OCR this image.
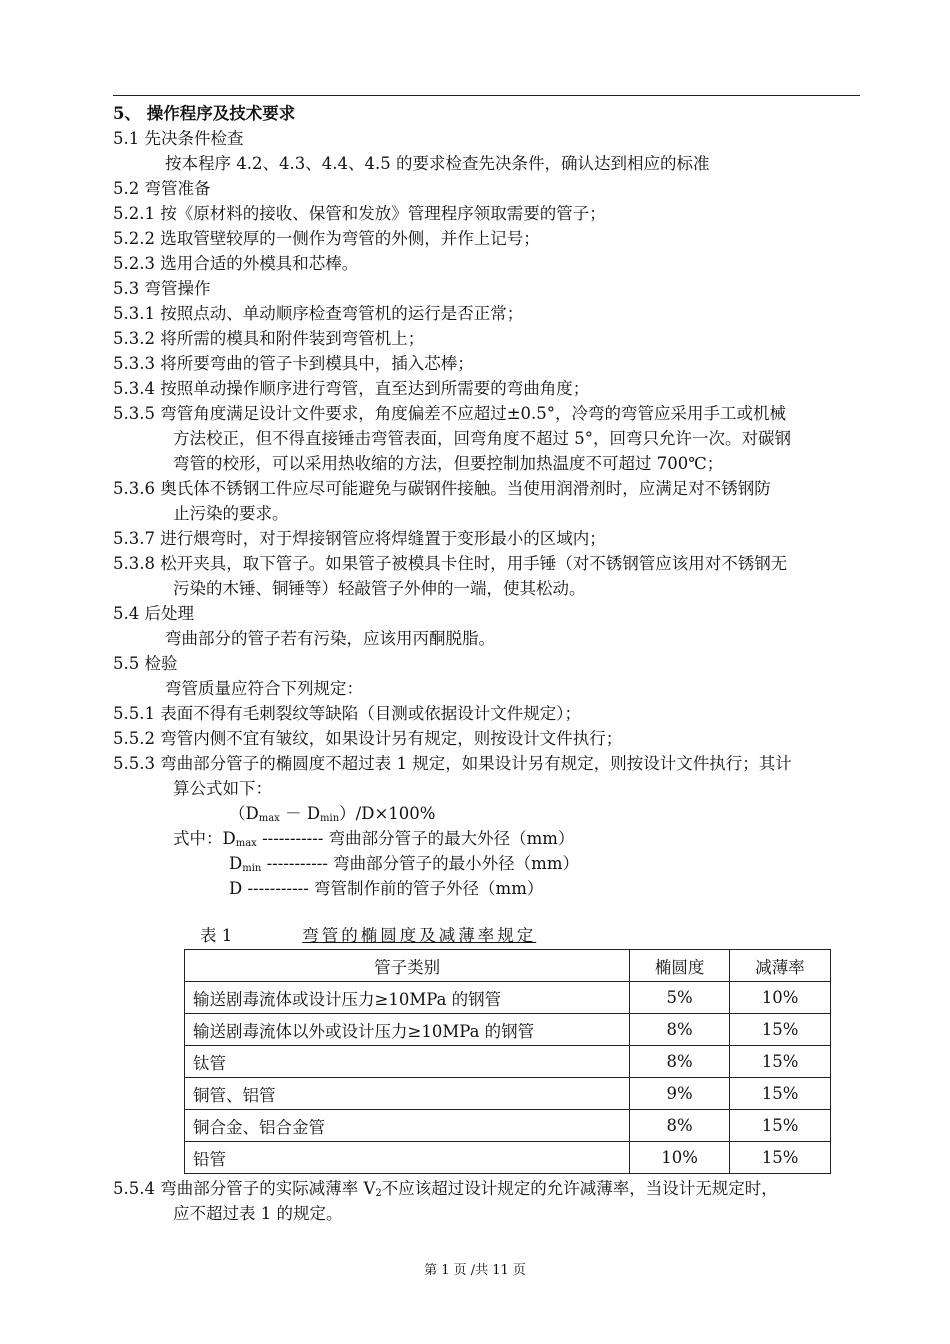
5、 操作程序及技术要求
5.1 先决条件检查
按本程序 4.2、4.3、4.4、4.5 的要求检查先决条件，确认达到相应的标准
5.2 弯管准备
5.2.1 按《原材料的接收、保管和发放》管理程序领取需要的管子；
5.2.2 选取管壁较厚的一侧作为弯管的外侧，并作上记号；
5.2.3 选用合适的外模具和芯棒。
5.3 弯管操作
5.3.1 按照点动、单动顺序检查弯管机的运行是否正常；
5.3.2 将所需的模具和附件装到弯管机上；
5.3.3 将所要弯曲的管子卡到模具中，插入芯棒；
5.3.4 按照单动操作顺序进行弯管，直至达到所需要的弯曲角度；
5.3.5 弯管角度满足设计文件要求，角度偏差不应超过±0.5°，冷弯的弯管应采用手工或机械
方法校正，但不得直接锤击弯管表面，回弯角度不超过 5°，回弯只允许一次。对碳钢
弯管的校形，可以采用热收缩的方法，但要控制加热温度不可超过 700℃；
5.3.6 奥氏体不锈钢工件应尽可能避免与碳钢件接触。当使用润滑剂时，应满足对不锈钢防
止污染的要求。
5.3.7 进行煨弯时，对于焊接钢管应将焊缝置于变形最小的区域内；
5.3.8 松开夹具，取下管子。如果管子被模具卡住时，用手锤（对不锈钢管应该用对不锈钢无
污染的木锤、铜锤等）轻敲管子外伸的一端，使其松动。
5.4 后处理
弯曲部分的管子若有污染，应该用丙酮脱脂。
5.5 检验
弯管质量应符合下列规定：
5.5.1 表面不得有毛刺裂纹等缺陷（目测或依据设计文件规定）；
5.5.2 弯管内侧不宜有皱纹，如果设计另有规定，则按设计文件执行；
5.5.3 弯曲部分管子的椭圆度不超过表 1 规定，如果设计另有规定，则按设计文件执行；其计
算公式如下：
$(D_{max} - D_{min})/D\times 100\%$
式中：$D_{max}$ ----------- 弯曲部分管子的最大外径（mm）
$D_{min}$ ----------- 弯曲部分管子的最小外径（mm）
D ----------- 弯管制作前的管子外径（mm）
表 1	弯管的椭圆度及减薄率规定
管子类别	椭圆度	减薄率
输送剧毒流体或设计压力≥10MPa 的钢管	5%	10%
输送剧毒流体以外或设计压力≥10MPa 的钢管	8%	15%
钛管	8%	15%
铜管、铝管	9%	15%
铜合金、铝合金管	8%	15%
铅管	10%	15%
5.5.4 弯曲部分管子的实际减薄率 $V_2$不应该超过设计规定的允许减薄率，当设计无规定时，
应不超过表 1 的规定。
第 1 页 /共 11 页
